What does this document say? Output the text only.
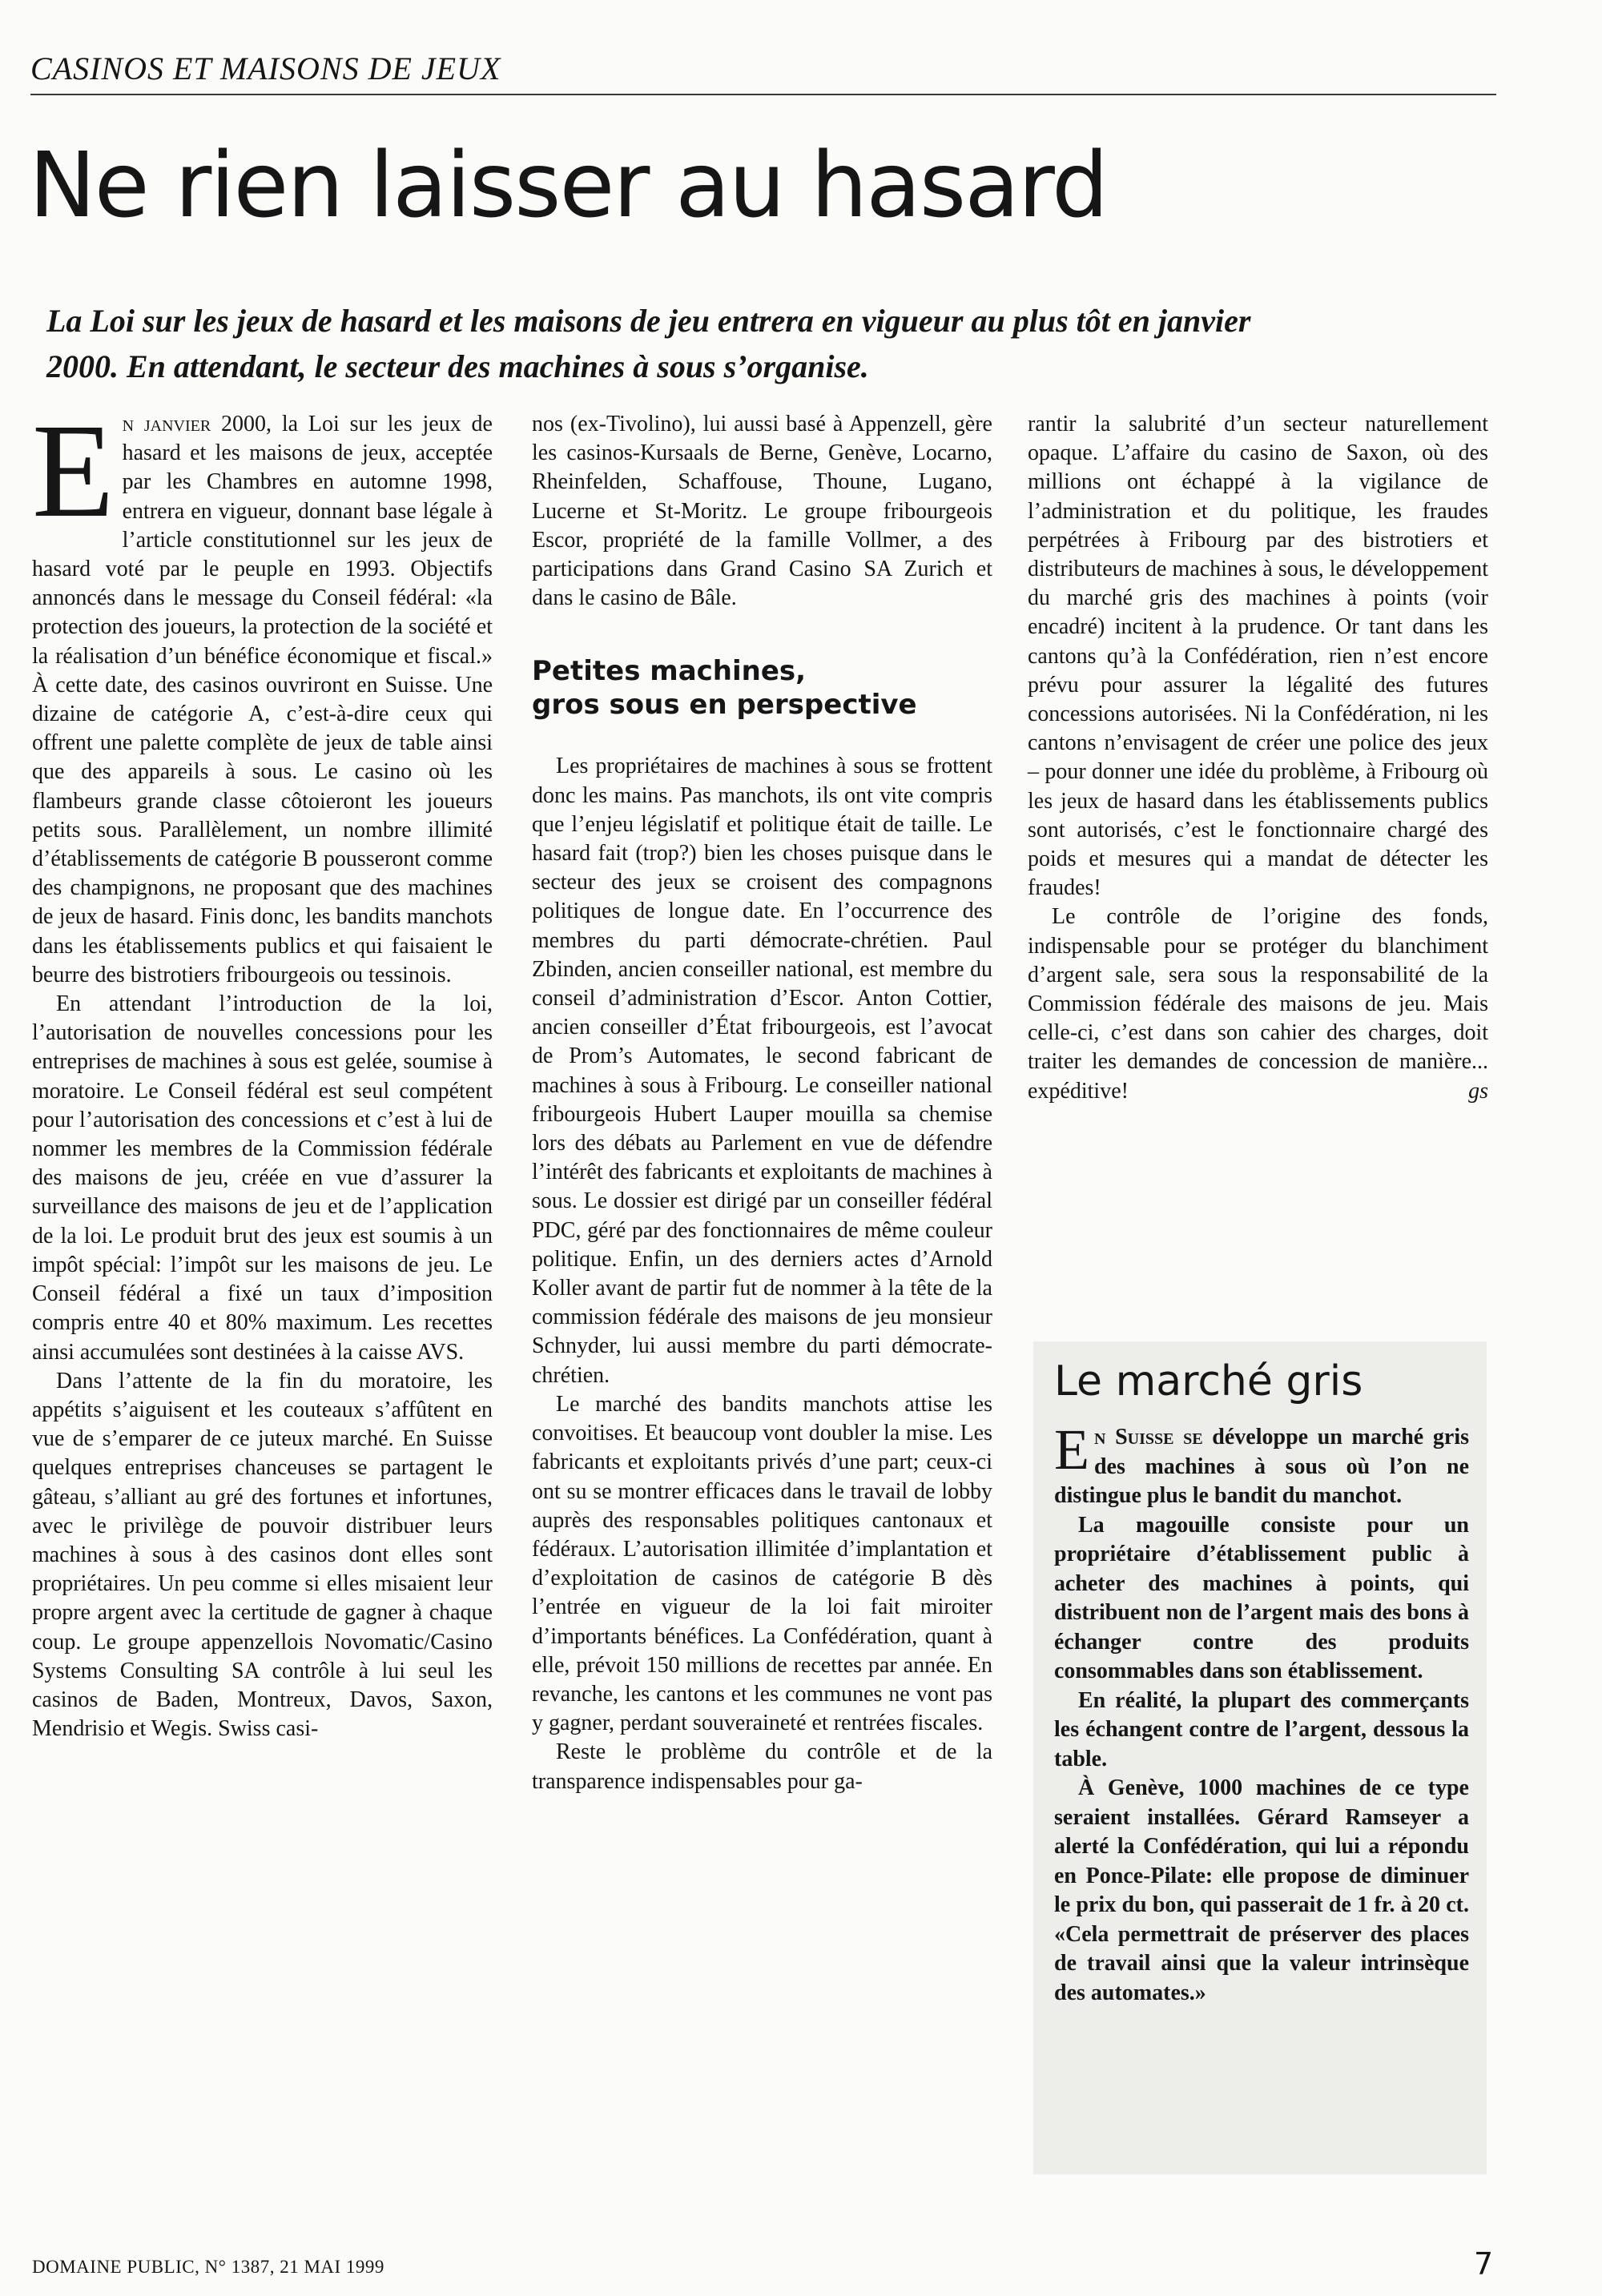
CASINOS ET MAISONS DE JEUX
Ne rien laisser au hasard

La Loi sur les jeux de hasard et les maisons de jeu entrera en vigueur au plus tôt en janvier 2000. En attendant, le secteur des machines à sous s’organise.

En janvier 2000, la Loi sur les jeux de hasard et les maisons de jeux, acceptée par les Chambres en automne 1998, entrera en vigueur, donnant base légale à l’article constitutionnel sur les jeux de hasard voté par le peuple en 1993. Objectifs annoncés dans le message du Conseil fédéral: «la protection des joueurs, la protection de la société et la réalisation d’un bénéfice économique et fiscal.» À cette date, des casinos ouvriront en Suisse. Une dizaine de catégorie A, c’est-à-dire ceux qui offrent une palette complète de jeux de table ainsi que des appareils à sous. Le casino où les flambeurs grande classe côtoieront les joueurs petits sous. Parallèlement, un nombre illimité d’établissements de catégorie B pousseront comme des champignons, ne proposant que des machines de jeux de hasard. Finis donc, les bandits manchots dans les établissements publics et qui faisaient le beurre des bistrotiers fribourgeois ou tessinois.

En attendant l’introduction de la loi, l’autorisation de nouvelles concessions pour les entreprises de machines à sous est gelée, soumise à moratoire. Le Conseil fédéral est seul compétent pour l’autorisation des concessions et c’est à lui de nommer les membres de la Commission fédérale des maisons de jeu, créée en vue d’assurer la surveillance des maisons de jeu et de l’application de la loi. Le produit brut des jeux est soumis à un impôt spécial: l’impôt sur les maisons de jeu. Le Conseil fédéral a fixé un taux d’imposition compris entre 40 et 80% maximum. Les recettes ainsi accumulées sont destinées à la caisse AVS.

Dans l’attente de la fin du moratoire, les appétits s’aiguisent et les couteaux s’affûtent en vue de s’emparer de ce juteux marché. En Suisse quelques entreprises chanceuses se partagent le gâteau, s’alliant au gré des fortunes et infortunes, avec le privilège de pouvoir distribuer leurs machines à sous à des casinos dont elles sont propriétaires. Un peu comme si elles misaient leur propre argent avec la certitude de gagner à chaque coup. Le groupe appenzellois Novomatic/Casino Systems Consulting SA contrôle à lui seul les casinos de Baden, Montreux, Davos, Saxon, Mendrisio et Wegis. Swiss casi-

nos (ex-Tivolino), lui aussi basé à Appenzell, gère les casinos-Kursaals de Berne, Genève, Locarno, Rheinfelden, Schaffouse, Thoune, Lugano, Lucerne et St-Moritz. Le groupe fribourgeois Escor, propriété de la famille Vollmer, a des participations dans Grand Casino SA Zurich et dans le casino de Bâle.

Petites machines,
gros sous en perspective

Les propriétaires de machines à sous se frottent donc les mains. Pas manchots, ils ont vite compris que l’enjeu législatif et politique était de taille. Le hasard fait (trop?) bien les choses puisque dans le secteur des jeux se croisent des compagnons politiques de longue date. En l’occurrence des membres du parti démocrate-chrétien. Paul Zbinden, ancien conseiller national, est membre du conseil d’administration d’Escor. Anton Cottier, ancien conseiller d’État fribourgeois, est l’avocat de Prom’s Automates, le second fabricant de machines à sous à Fribourg. Le conseiller national fribourgeois Hubert Lauper mouilla sa chemise lors des débats au Parlement en vue de défendre l’intérêt des fabricants et exploitants de machines à sous. Le dossier est dirigé par un conseiller fédéral PDC, géré par des fonctionnaires de même couleur politique. Enfin, un des derniers actes d’Arnold Koller avant de partir fut de nommer à la tête de la commission fédérale des maisons de jeu monsieur Schnyder, lui aussi membre du parti démocrate-chrétien.

Le marché des bandits manchots attise les convoitises. Et beaucoup vont doubler la mise. Les fabricants et exploitants privés d’une part; ceux-ci ont su se montrer efficaces dans le travail de lobby auprès des responsables politiques cantonaux et fédéraux. L’autorisation illimitée d’implantation et d’exploitation de casinos de catégorie B dès l’entrée en vigueur de la loi fait miroiter d’importants bénéfices. La Confédération, quant à elle, prévoit 150 millions de recettes par année. En revanche, les cantons et les communes ne vont pas y gagner, perdant souveraineté et rentrées fiscales.

Reste le problème du contrôle et de la transparence indispensables pour ga-

rantir la salubrité d’un secteur naturellement opaque. L’affaire du casino de Saxon, où des millions ont échappé à la vigilance de l’administration et du politique, les fraudes perpétrées à Fribourg par des bistrotiers et distributeurs de machines à sous, le développement du marché gris des machines à points (voir encadré) incitent à la prudence. Or tant dans les cantons qu’à la Confédération, rien n’est encore prévu pour assurer la légalité des futures concessions autorisées. Ni la Confédération, ni les cantons n’envisagent de créer une police des jeux – pour donner une idée du problème, à Fribourg où les jeux de hasard dans les établissements publics sont autorisés, c’est le fonctionnaire chargé des poids et mesures qui a mandat de détecter les fraudes!

Le contrôle de l’origine des fonds, indispensable pour se protéger du blanchiment d’argent sale, sera sous la responsabilité de la Commission fédérale des maisons de jeu. Mais celle-ci, c’est dans son cahier des charges, doit traiter les demandes de concession de manière... expéditive!	gs

Le marché gris

En Suisse se développe un marché gris des machines à sous où l’on ne distingue plus le bandit du manchot.

La magouille consiste pour un propriétaire d’établissement public à acheter des machines à points, qui distribuent non de l’argent mais des bons à échanger contre des produits consommables dans son établissement.

En réalité, la plupart des commerçants les échangent contre de l’argent, dessous la table.

À Genève, 1000 machines de ce type seraient installées. Gérard Ramseyer a alerté la Confédération, qui lui a répondu en Ponce-Pilate: elle propose de diminuer le prix du bon, qui passerait de 1 fr. à 20 ct. «Cela permettrait de préserver des places de travail ainsi que la valeur intrinsèque des automates.»

DOMAINE PUBLIC, N° 1387, 21 MAI 1999	7
